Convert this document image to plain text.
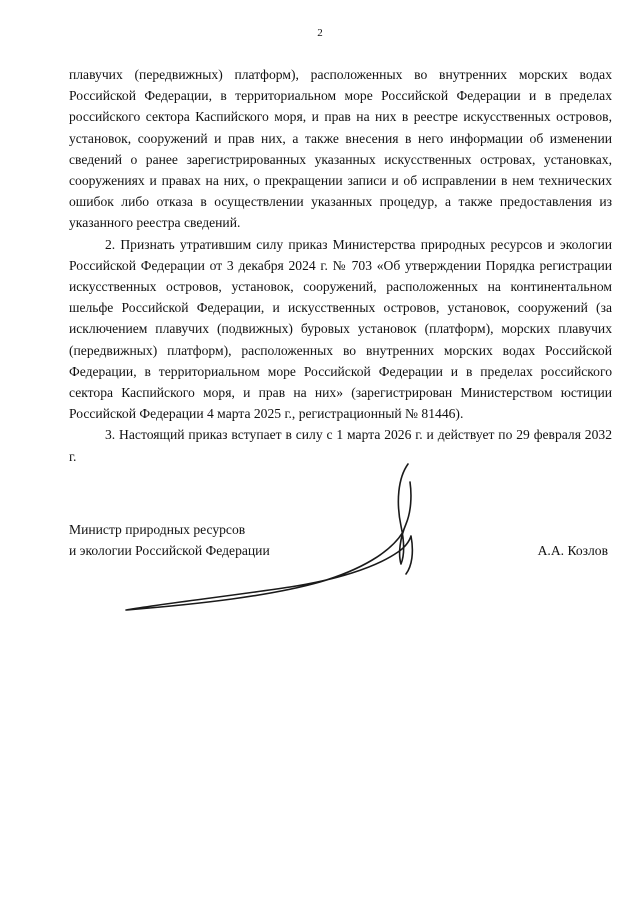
2

плавучих (передвижных) платформ), расположенных во внутренних морских водах Российской Федерации, в территориальном море Российской Федерации и в пределах российского сектора Каспийского моря, и прав на них в реестре искусственных островов, установок, сооружений и прав них, а также внесения в него информации об изменении сведений о ранее зарегистрированных указанных искусственных островах, установках, сооружениях и правах на них, о прекращении записи и об исправлении в нем технических ошибок либо отказа в осуществлении указанных процедур, а также предоставления из указанного реестра сведений.

2. Признать утратившим силу приказ Министерства природных ресурсов и экологии Российской Федерации от 3 декабря 2024 г. № 703 «Об утверждении Порядка регистрации искусственных островов, установок, сооружений, расположенных на континентальном шельфе Российской Федерации, и искусственных островов, установок, сооружений (за исключением плавучих (подвижных) буровых установок (платформ), морских плавучих (передвижных) платформ), расположенных во внутренних морских водах Российской Федерации, в территориальном море Российской Федерации и в пределах российского сектора Каспийского моря, и прав на них» (зарегистрирован Министерством юстиции Российской Федерации 4 марта 2025 г., регистрационный № 81446).

3. Настоящий приказ вступает в силу с 1 марта 2026 г. и действует по 29 февраля 2032 г.

Министр природных ресурсов
и экологии Российской Федерации	А.А. Козлов
